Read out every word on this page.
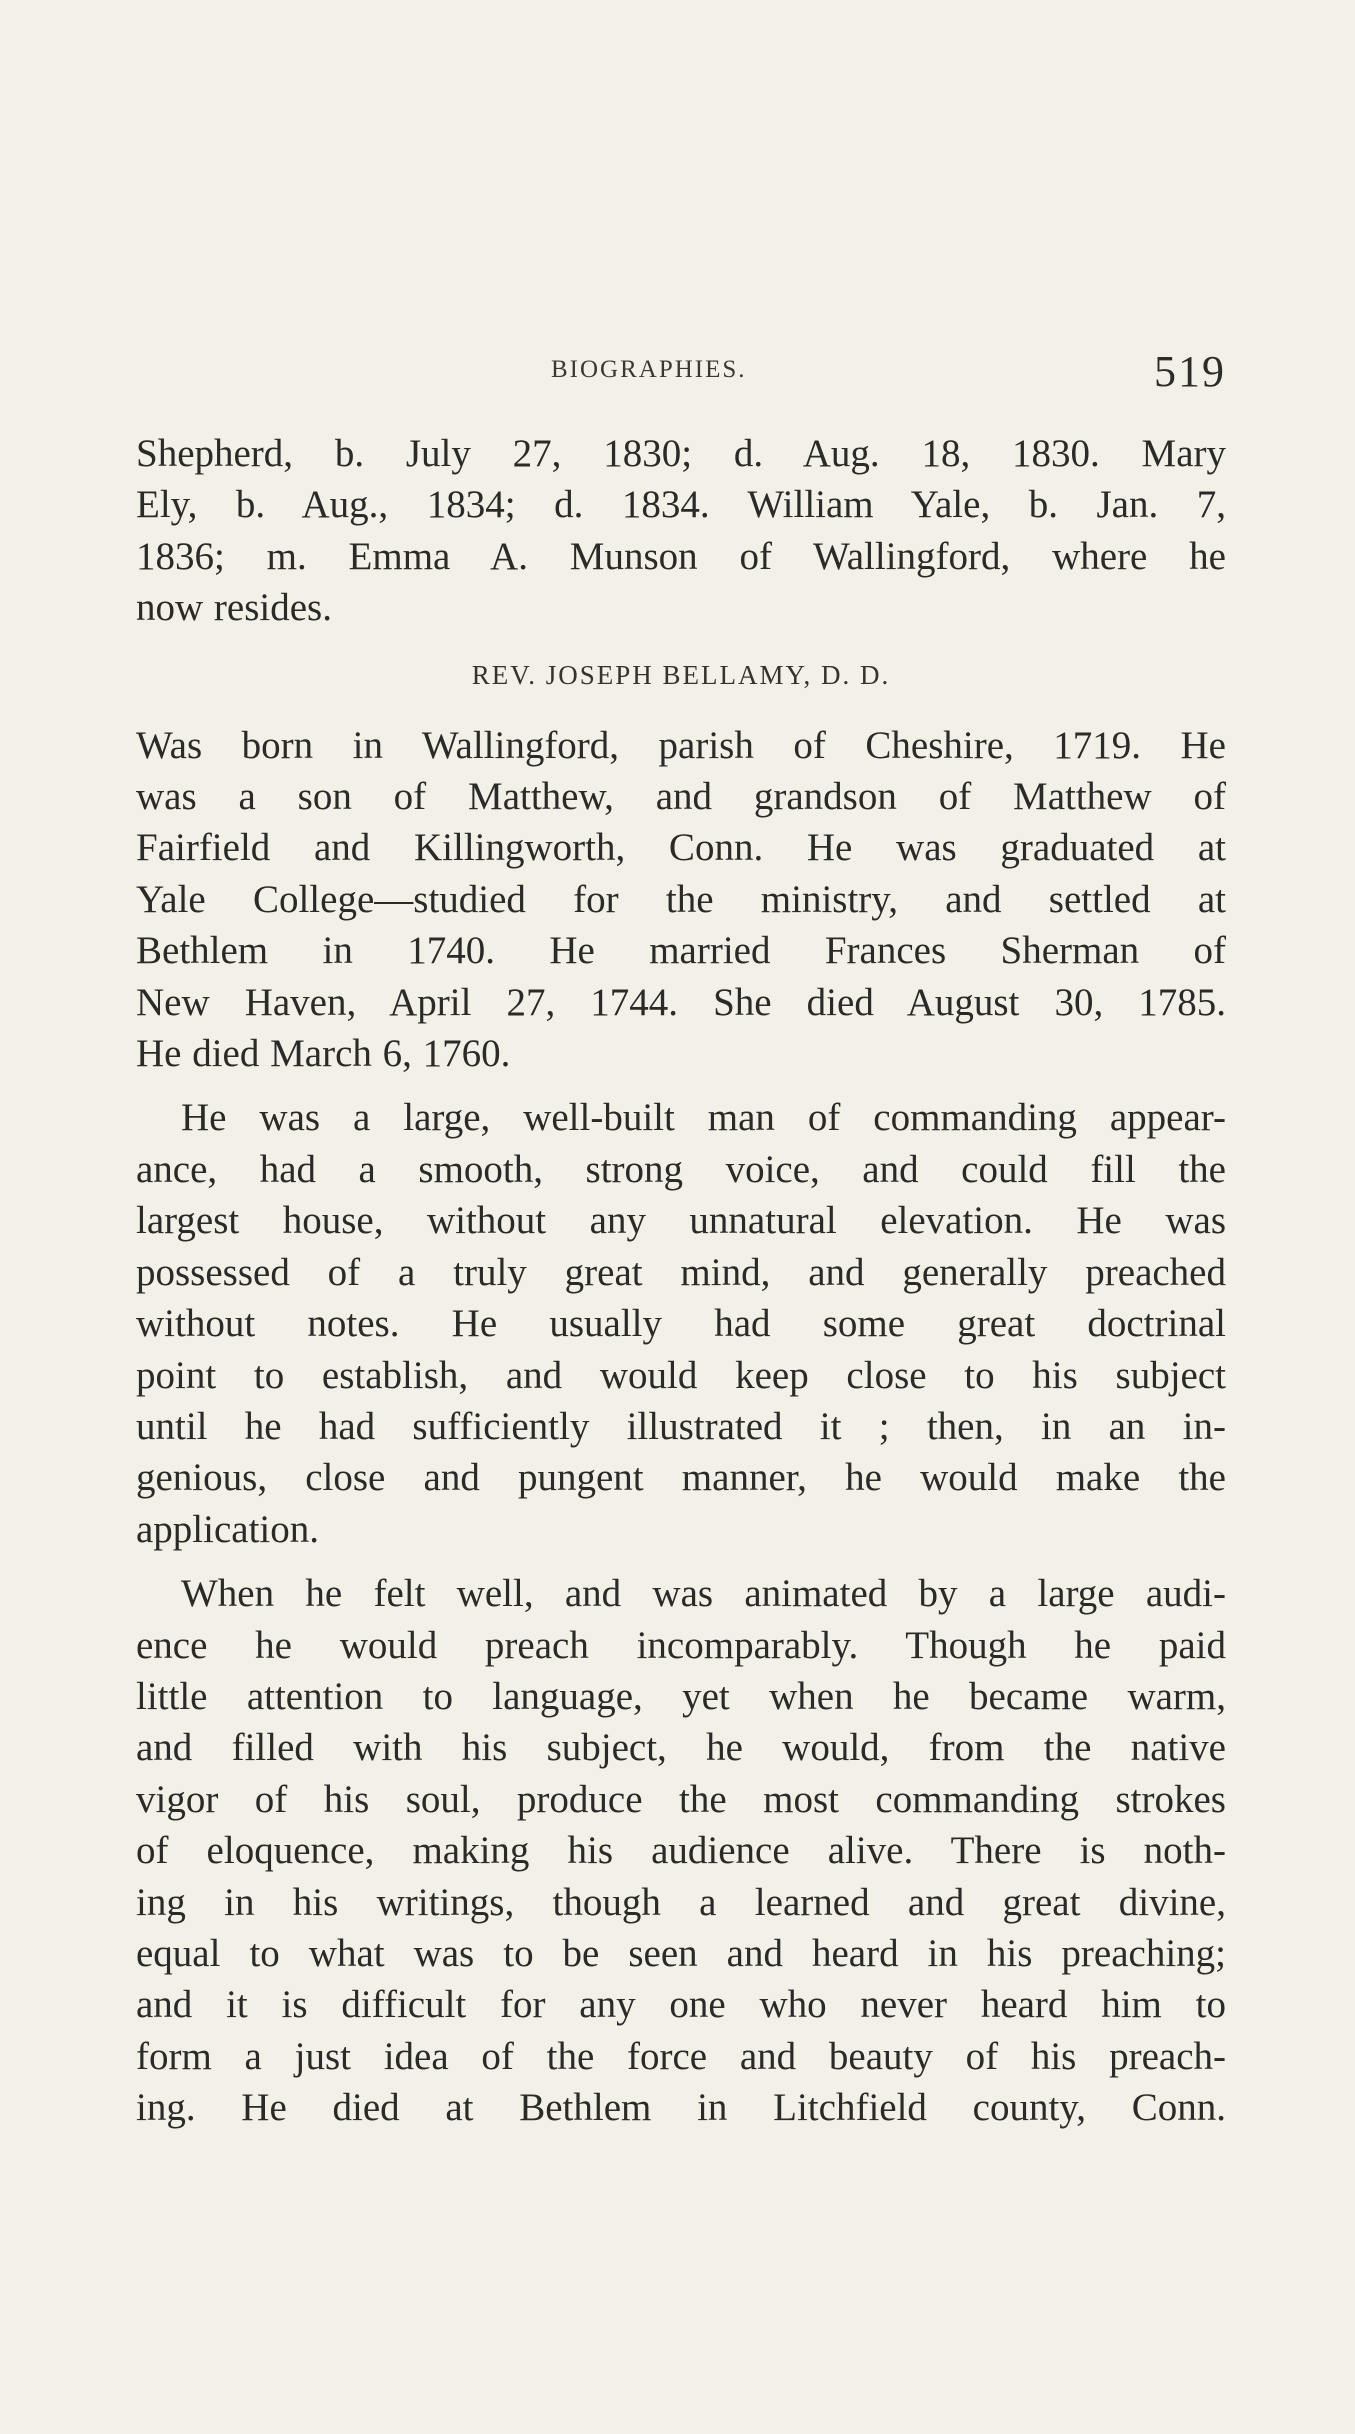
BIOGRAPHIES.	519

Shepherd, b. July 27, 1830; d. Aug. 18, 1830. Mary
Ely, b. Aug., 1834; d. 1834. William Yale, b. Jan. 7,
1836; m. Emma A. Munson of Wallingford, where he
now resides.

REV. JOSEPH BELLAMY, D. D.

Was born in Wallingford, parish of Cheshire, 1719. He
was a son of Matthew, and grandson of Matthew of
Fairfield and Killingworth, Conn. He was graduated at
Yale College—studied for the ministry, and settled at
Bethlem in 1740. He married Frances Sherman of
New Haven, April 27, 1744. She died August 30, 1785.
He died March 6, 1760.

He was a large, well-built man of commanding appear-
ance, had a smooth, strong voice, and could fill the
largest house, without any unnatural elevation. He was
possessed of a truly great mind, and generally preached
without notes. He usually had some great doctrinal
point to establish, and would keep close to his subject
until he had sufficiently illustrated it ; then, in an in-
genious, close and pungent manner, he would make the
application.

When he felt well, and was animated by a large audi-
ence he would preach incomparably. Though he paid
little attention to language, yet when he became warm,
and filled with his subject, he would, from the native
vigor of his soul, produce the most commanding strokes
of eloquence, making his audience alive. There is noth-
ing in his writings, though a learned and great divine,
equal to what was to be seen and heard in his preaching;
and it is difficult for any one who never heard him to
form a just idea of the force and beauty of his preach-
ing. He died at Bethlem in Litchfield county, Conn.
